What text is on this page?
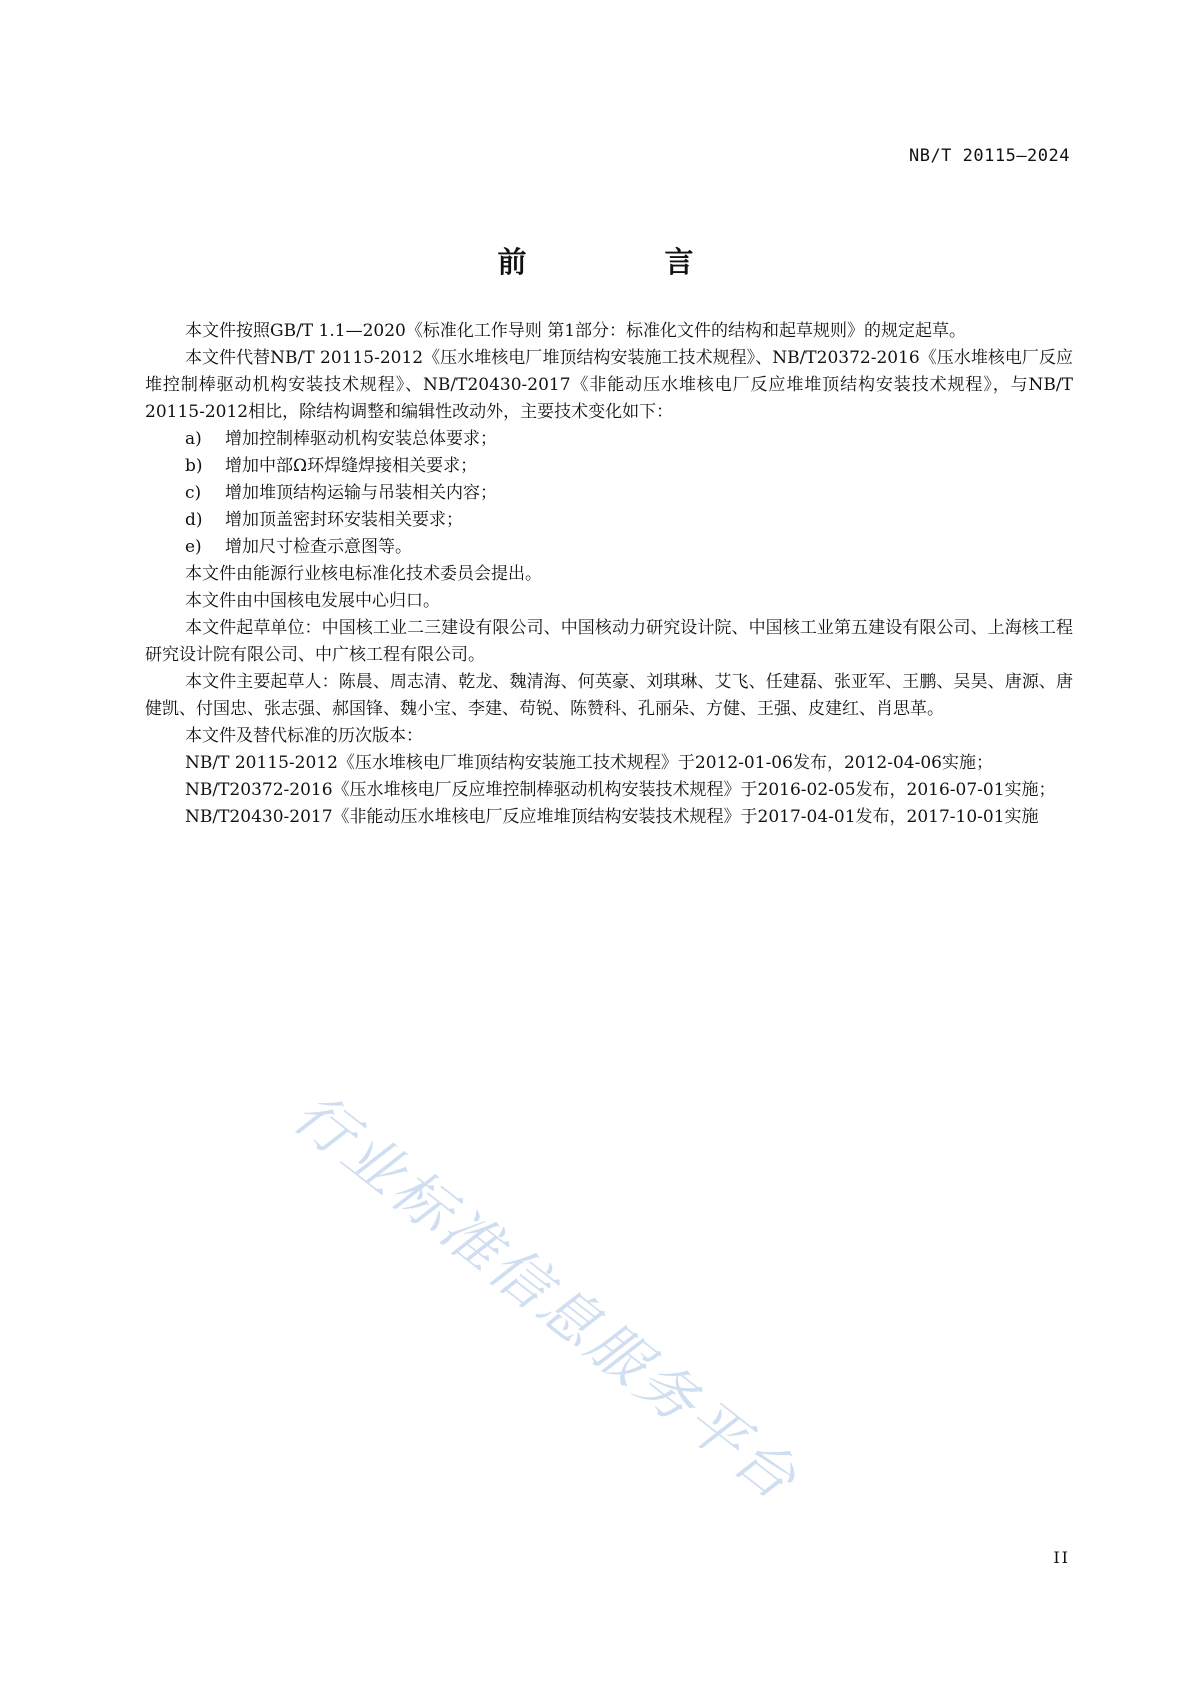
NB/T 20115—2024
前 言

本文件按照GB/T 1.1—2020《标准化工作导则 第1部分：标准化文件的结构和起草规则》的规定起草。

本文件代替NB/T 20115-2012《压水堆核电厂堆顶结构安装施工技术规程》、NB/T20372-2016《压水堆核电厂反应堆控制棒驱动机构安装技术规程》、NB/T20430-2017《非能动压水堆核电厂反应堆堆顶结构安装技术规程》，与NB/T 20115-2012相比，除结构调整和编辑性改动外，主要技术变化如下：

a)	增加控制棒驱动机构安装总体要求；
b)	增加中部Ω环焊缝焊接相关要求；
c)	增加堆顶结构运输与吊装相关内容；
d)	增加顶盖密封环安装相关要求；
e)	增加尺寸检查示意图等。

本文件由能源行业核电标准化技术委员会提出。

本文件由中国核电发展中心归口。

本文件起草单位：中国核工业二三建设有限公司、中国核动力研究设计院、中国核工业第五建设有限公司、上海核工程研究设计院有限公司、中广核工程有限公司。

本文件主要起草人：陈晨、周志清、乾龙、魏清海、何英豪、刘琪琳、艾飞、任建磊、张亚军、王鹏、吴昊、唐源、唐健凯、付国忠、张志强、郝国锋、魏小宝、李建、苟锐、陈赞科、孔丽朵、方健、王强、皮建红、肖思革。

本文件及替代标准的历次版本：

NB/T 20115-2012《压水堆核电厂堆顶结构安装施工技术规程》于2012-01-06发布，2012-04-06实施；

NB/T20372-2016《压水堆核电厂反应堆控制棒驱动机构安装技术规程》于2016-02-05发布，2016-07-01实施；

NB/T20430-2017《非能动压水堆核电厂反应堆堆顶结构安装技术规程》于2017-04-01发布，2017-10-01实施

行业标准信息服务平台
II
